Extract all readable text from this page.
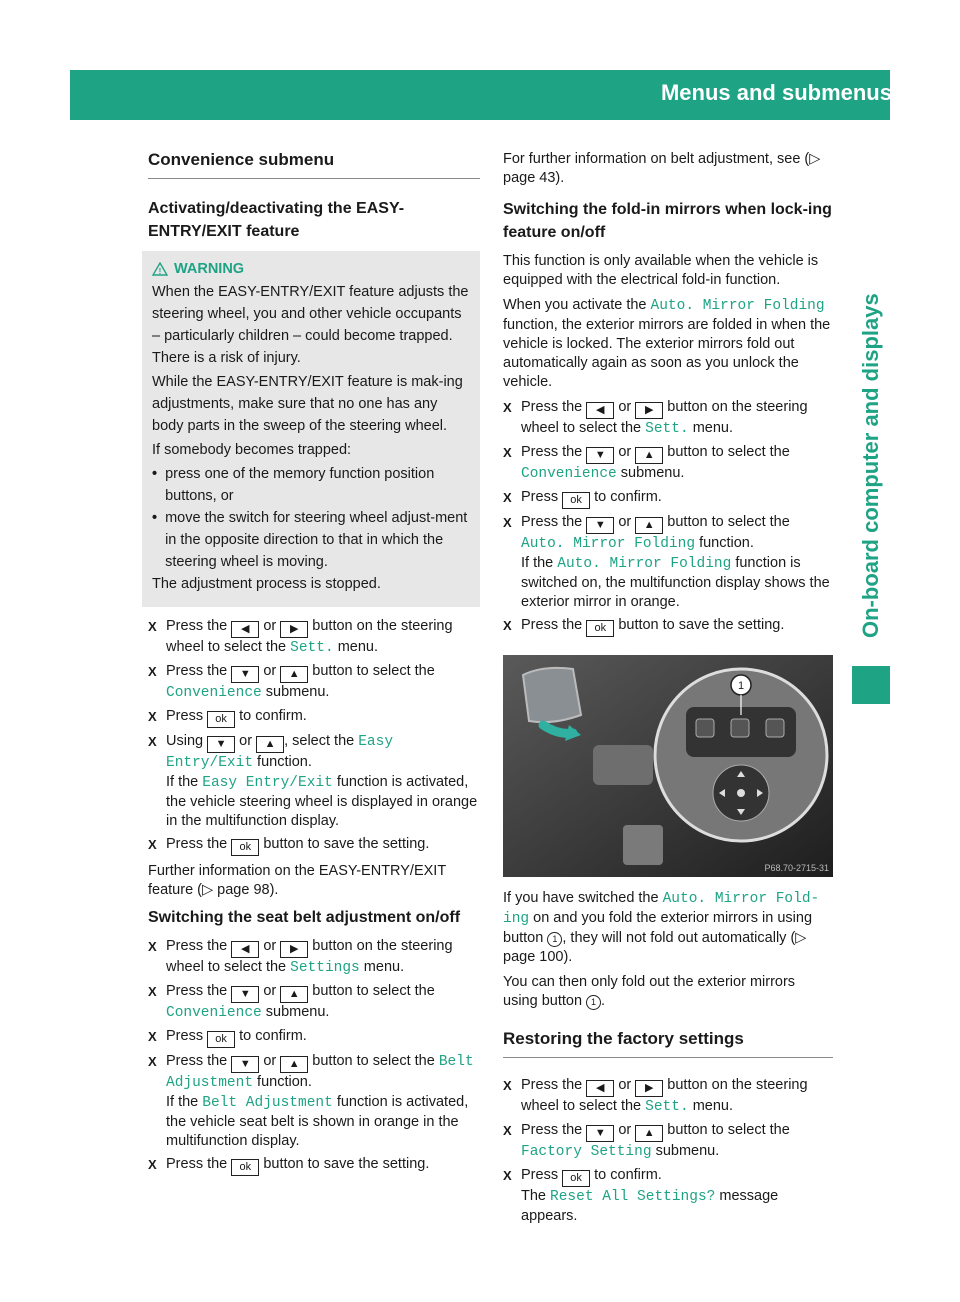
Menus and submenus	217
On-board computer and displays
Convenience submenu
Activating/deactivating the EASY-ENTRY/EXIT feature
! WARNING

When the EASY-ENTRY/EXIT feature adjusts the steering wheel, you and other vehicle occupants – particularly children – could become trapped. There is a risk of injury.

While the EASY-ENTRY/EXIT feature is mak-ing adjustments, make sure that no one has any body parts in the sweep of the steering wheel.

If somebody becomes trapped:

• press one of the memory function position buttons, or
• move the switch for steering wheel adjust-ment in the opposite direction to that in which the steering wheel is moving.

The adjustment process is stopped.

X Press the ◀ or ▶ button on the steering wheel to select the Sett. menu.
X Press the ▼ or ▲ button to select the Convenience submenu.
X Press ok to confirm.
X Using ▼ or ▲ , select the Easy Entry/Exit function.
If the Easy Entry/Exit function is activated, the vehicle steering wheel is displayed in orange in the multifunction display.
X Press the ok button to save the setting.

Further information on the EASY-ENTRY/EXIT feature (▷ page 98).

Switching the seat belt adjustment on/off
X Press the ◀ or ▶ button on the steering wheel to select the Settings menu.
X Press the ▼ or ▲ button to select the Convenience submenu.
X Press ok to confirm.
X Press the ▼ or ▲ button to select the Belt Adjustment function.
If the Belt Adjustment function is activated, the vehicle seat belt is shown in orange in the multifunction display.
X Press the ok button to save the setting.

For further information on belt adjustment, see (▷ page 43).

Switching the fold-in mirrors when lock-ing feature on/off

This function is only available when the vehicle is equipped with the electrical fold-in function.

When you activate the Auto. Mirror Folding function, the exterior mirrors are folded in when the vehicle is locked. The exterior mirrors fold out automatically again as soon as you unlock the vehicle.

X Press the ◀ or ▶ button on the steering wheel to select the Sett. menu.
X Press the ▼ or ▲ button to select the Convenience submenu.
X Press ok to confirm.
X Press the ▼ or ▲ button to select the Auto. Mirror Folding function.
If the Auto. Mirror Folding function is switched on, the multifunction display shows the exterior mirror in orange.
X Press the ok button to save the setting.
1
P68.70-2715-31

If you have switched the Auto. Mirror Fold-ing on and you fold the exterior mirrors in using button 1 , they will not fold out automatically (▷ page 100).

You can then only fold out the exterior mirrors using button 1 .

Restoring the factory settings
X Press the ◀ or ▶ button on the steering wheel to select the Sett. menu.
X Press the ▼ or ▲ button to select the Factory Setting submenu.
X Press ok to confirm.
The Reset All Settings? message appears.
